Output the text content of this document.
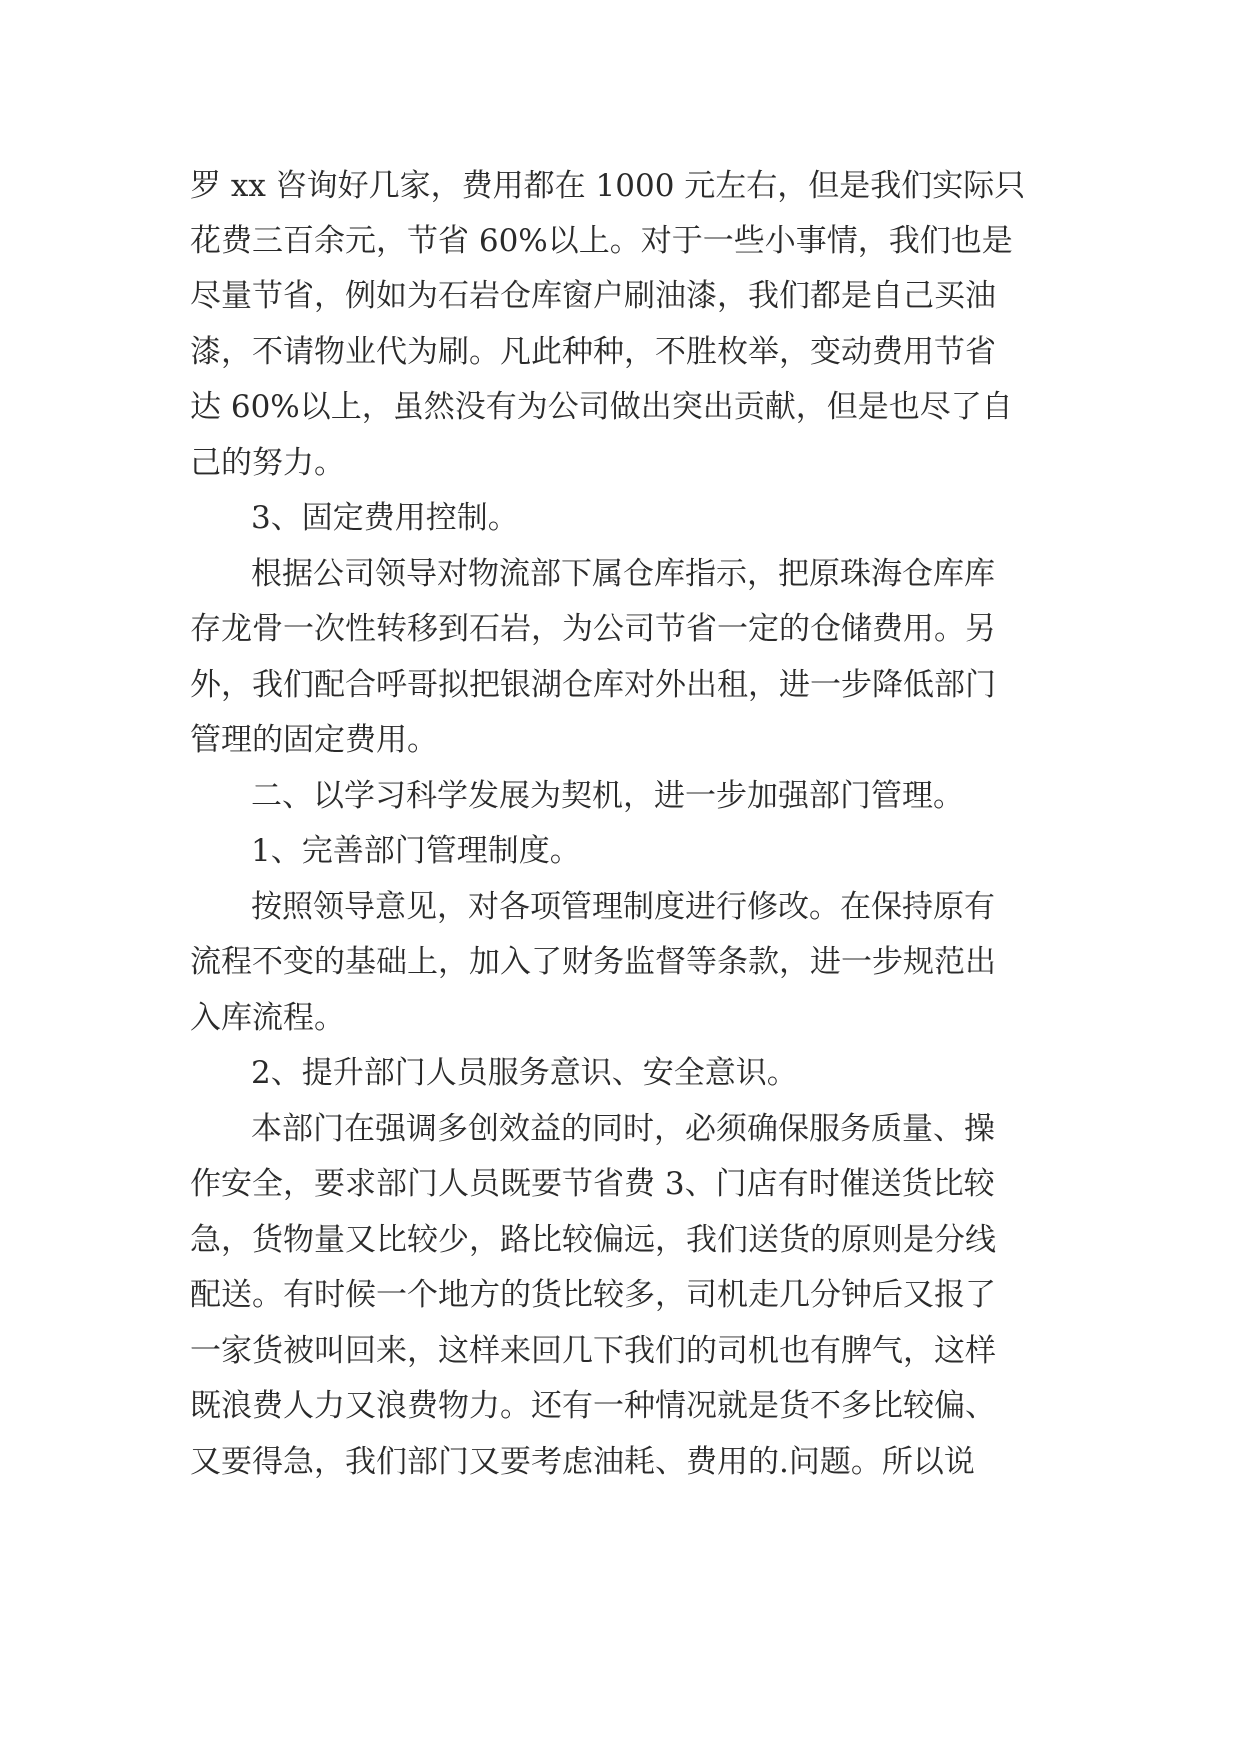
罗 xx 咨询好几家，费用都在 1000 元左右，但是我们实际只
花费三百余元，节省 60%以上。对于一些小事情，我们也是
尽量节省，例如为石岩仓库窗户刷油漆，我们都是自己买油
漆，不请物业代为刷。凡此种种，不胜枚举，变动费用节省
达 60%以上，虽然没有为公司做出突出贡献，但是也尽了自
己的努力。
3、固定费用控制。
根据公司领导对物流部下属仓库指示，把原珠海仓库库
存龙骨一次性转移到石岩，为公司节省一定的仓储费用。另
外，我们配合呼哥拟把银湖仓库对外出租，进一步降低部门
管理的固定费用。
二、以学习科学发展为契机，进一步加强部门管理。
1、完善部门管理制度。
按照领导意见，对各项管理制度进行修改。在保持原有
流程不变的基础上，加入了财务监督等条款，进一步规范出
入库流程。
2、提升部门人员服务意识、安全意识。
本部门在强调多创效益的同时，必须确保服务质量、操
作安全，要求部门人员既要节省费 3、门店有时催送货比较
急，货物量又比较少，路比较偏远，我们送货的原则是分线
配送。有时候一个地方的货比较多，司机走几分钟后又报了
一家货被叫回来，这样来回几下我们的司机也有脾气，这样
既浪费人力又浪费物力。还有一种情况就是货不多比较偏、
又要得急，我们部门又要考虑油耗、费用的.问题。所以说
